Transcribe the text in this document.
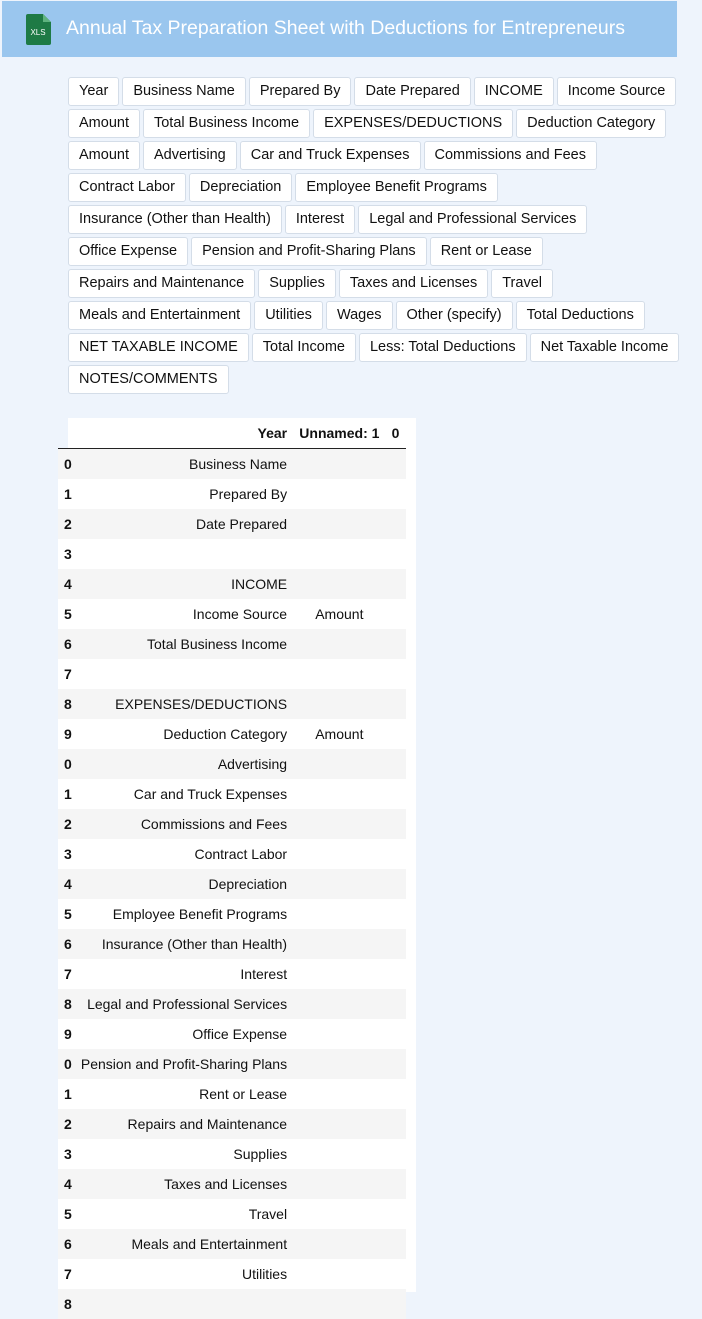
XLS Annual Tax Preparation Sheet with Deductions for Entrepreneurs
Year	Business Name	Prepared By	Date Prepared	INCOME	Income Source
Amount	Total Business Income	EXPENSES/DEDUCTIONS	Deduction Category
Amount	Advertising	Car and Truck Expenses	Commissions and Fees
Contract Labor	Depreciation	Employee Benefit Programs
Insurance (Other than Health)	Interest	Legal and Professional Services
Office Expense	Pension and Profit-Sharing Plans	Rent or Lease
Repairs and Maintenance	Supplies	Taxes and Licenses	Travel
Meals and Entertainment	Utilities	Wages	Other (specify)	Total Deductions
NET TAXABLE INCOME	Total Income	Less: Total Deductions	Net Taxable Income
NOTES/COMMENTS
	Year	Unnamed: 1	0
0	Business Name		
1	Prepared By		
2	Date Prepared		
3			
4	INCOME		
5	Income Source	Amount	
6	Total Business Income		
7			
8	EXPENSES/DEDUCTIONS		
9	Deduction Category	Amount	
0	Advertising		
1	Car and Truck Expenses		
2	Commissions and Fees		
3	Contract Labor		
4	Depreciation		
5	Employee Benefit Programs		
6	Insurance (Other than Health)		
7	Interest		
8	Legal and Professional Services		
9	Office Expense		
0	Pension and Profit-Sharing Plans		
1	Rent or Lease		
2	Repairs and Maintenance		
3	Supplies		
4	Taxes and Licenses		
5	Travel		
6	Meals and Entertainment		
7	Utilities		
8			
